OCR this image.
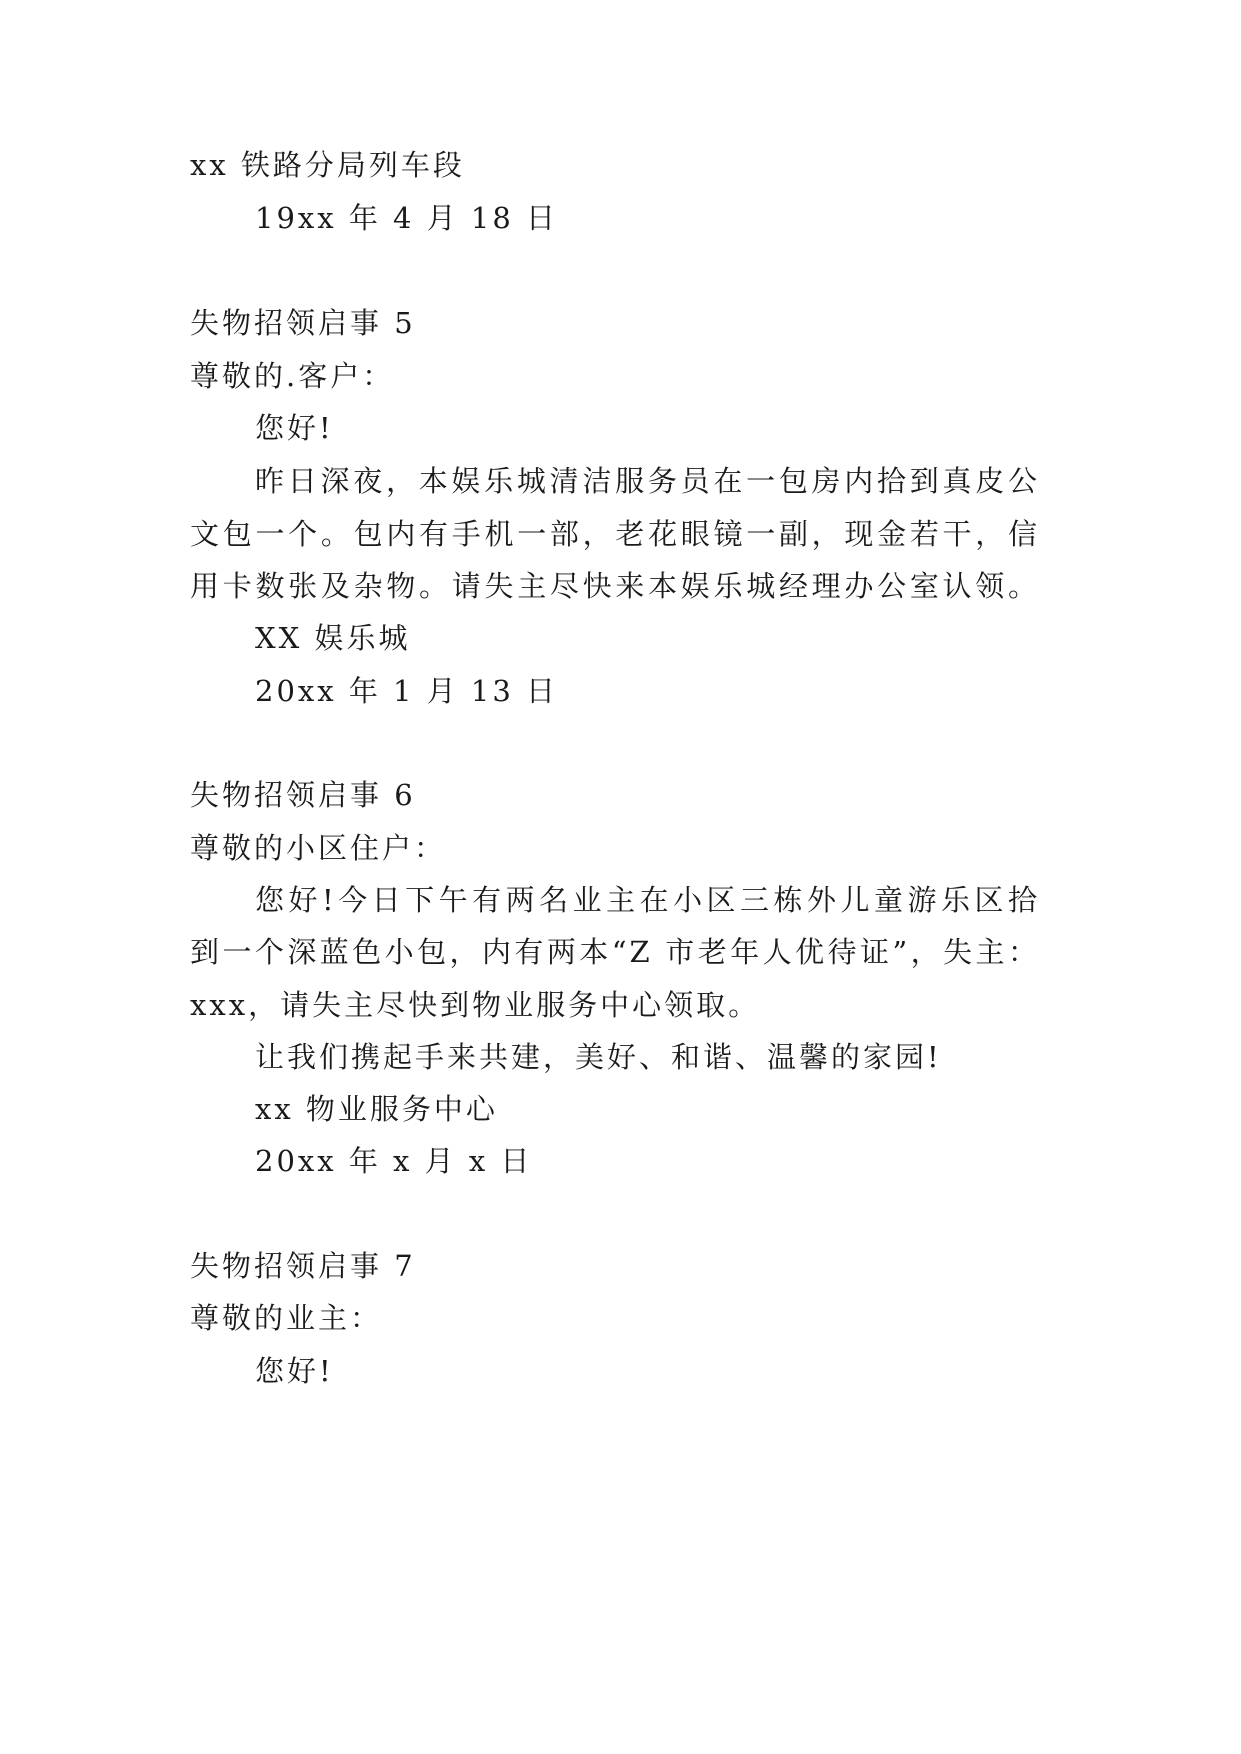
xx 铁路分局列车段
19xx 年 4 月 18 日
失物招领启事 5
尊敬的.客户：
您好!
昨日深夜，本娱乐城清洁服务员在一包房内拾到真皮公
文包一个。包内有手机一部，老花眼镜一副，现金若干，信
用卡数张及杂物。请失主尽快来本娱乐城经理办公室认领。
XX 娱乐城
20xx 年 1 月 13 日
失物招领启事 6
尊敬的小区住户：
您好!今日下午有两名业主在小区三栋外儿童游乐区拾
到一个深蓝色小包，内有两本“Z 市老年人优待证”，失主：
xxx，请失主尽快到物业服务中心领取。
让我们携起手来共建，美好、和谐、温馨的家园!
xx 物业服务中心
20xx 年 x 月 x 日
失物招领启事 7
尊敬的业主：
您好!
